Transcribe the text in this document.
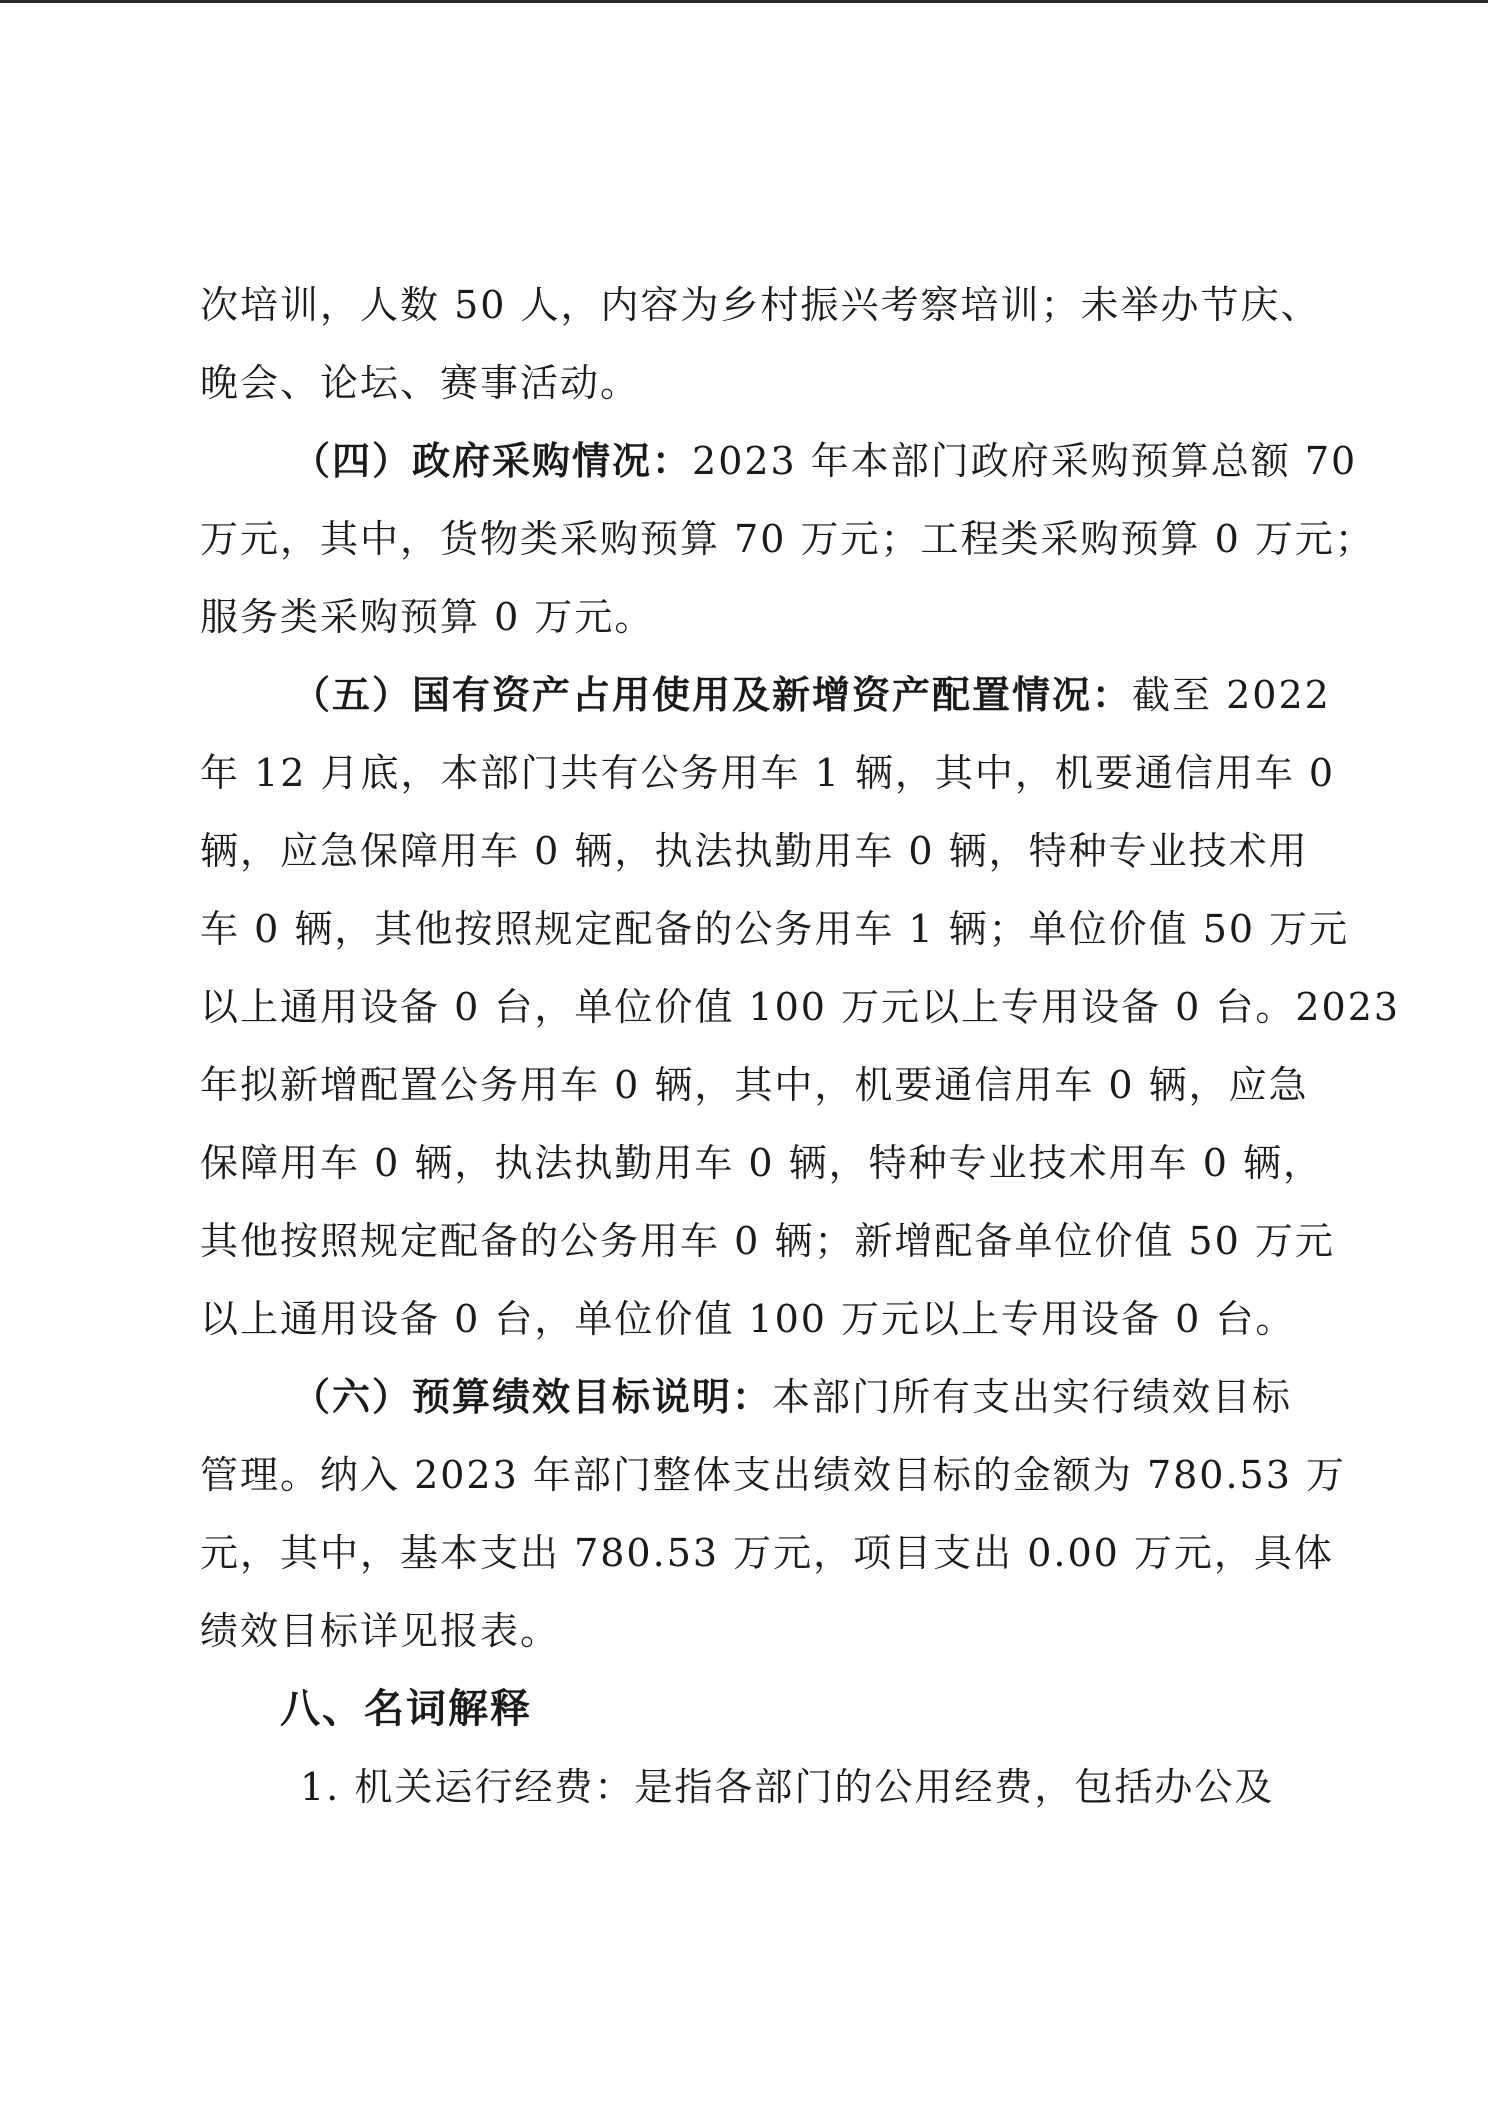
次培训，人数 50 人，内容为乡村振兴考察培训；未举办节庆、
晚会、论坛、赛事活动。
（四）政府采购情况：2023 年本部门政府采购预算总额 70
万元，其中，货物类采购预算 70 万元；工程类采购预算 0 万元；
服务类采购预算 0 万元。
（五）国有资产占用使用及新增资产配置情况：截至 2022
年 12 月底，本部门共有公务用车 1 辆，其中，机要通信用车 0
辆，应急保障用车 0 辆，执法执勤用车 0 辆，特种专业技术用
车 0 辆，其他按照规定配备的公务用车 1 辆；单位价值 50 万元
以上通用设备 0 台，单位价值 100 万元以上专用设备 0 台。2023
年拟新增配置公务用车 0 辆，其中，机要通信用车 0 辆，应急
保障用车 0 辆，执法执勤用车 0 辆，特种专业技术用车 0 辆，
其他按照规定配备的公务用车 0 辆；新增配备单位价值 50 万元
以上通用设备 0 台，单位价值 100 万元以上专用设备 0 台。
（六）预算绩效目标说明：本部门所有支出实行绩效目标
管理。纳入 2023 年部门整体支出绩效目标的金额为 780.53 万
元，其中，基本支出 780.53 万元，项目支出 0.00 万元，具体
绩效目标详见报表。
八、名词解释
1. 机关运行经费：是指各部门的公用经费，包括办公及
